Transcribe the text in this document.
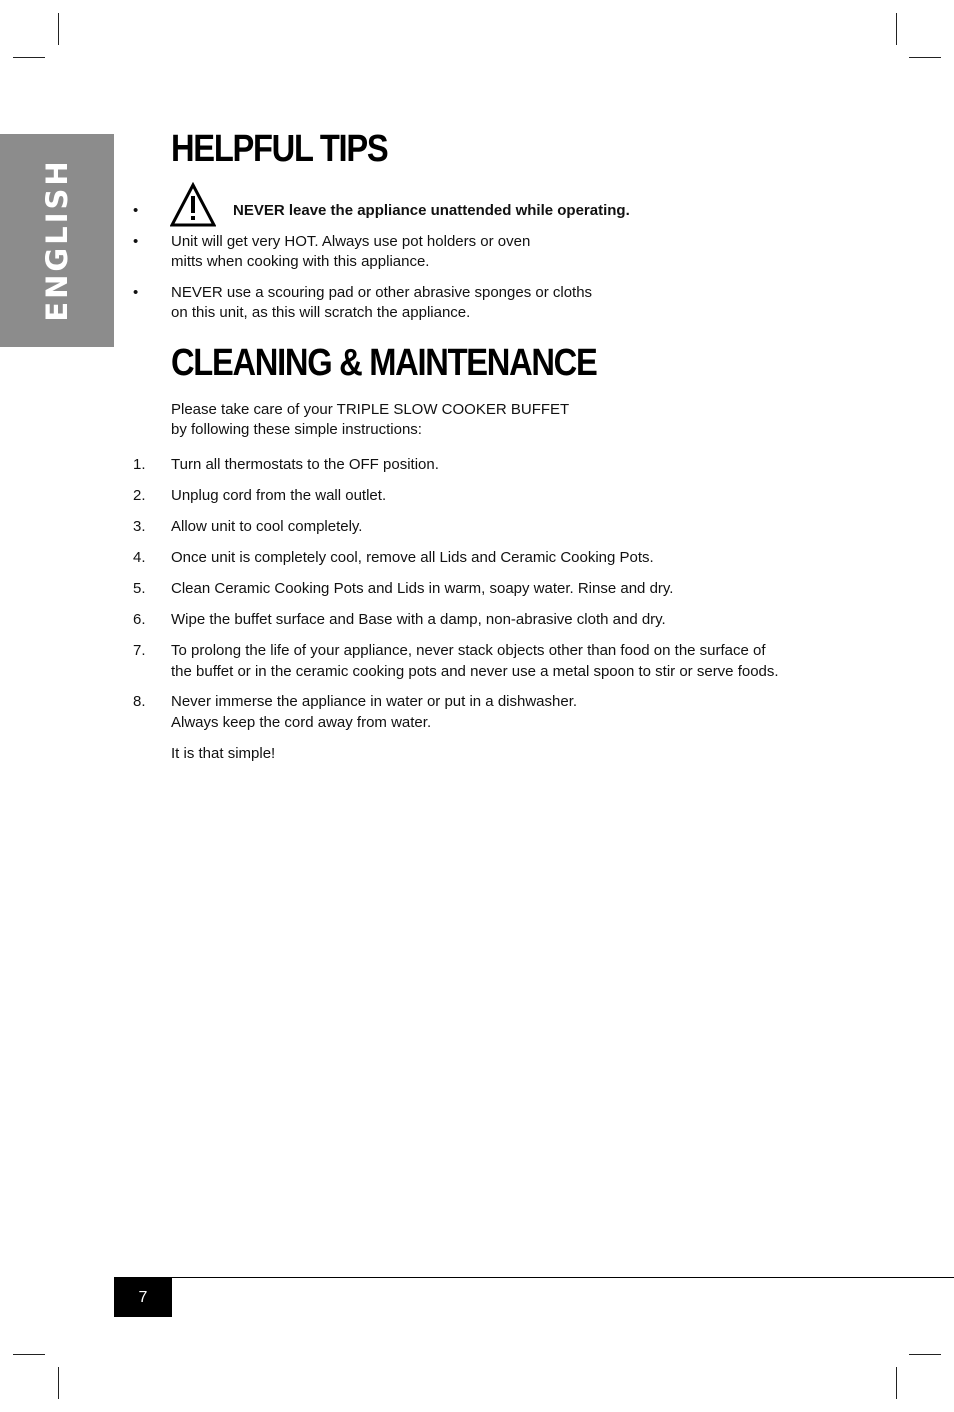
ENGLISH
HELPFUL TIPS
•	NEVER leave the appliance unattended while operating.
• Unit will get very HOT. Always use pot holders or oven
mitts when cooking with this appliance.
• NEVER use a scouring pad or other abrasive sponges or cloths
on this unit, as this will scratch the appliance.
CLEANING & MAINTENANCE
Please take care of your TRIPLE SLOW COOKER BUFFET
by following these simple instructions:
1. Turn all thermostats to the OFF position.
2. Unplug cord from the wall outlet.
3. Allow unit to cool completely.
4. Once unit is completely cool, remove all Lids and Ceramic Cooking Pots.
5. Clean Ceramic Cooking Pots and Lids in warm, soapy water. Rinse and dry.
6. Wipe the buffet surface and Base with a damp, non-abrasive cloth and dry.
7. To prolong the life of your appliance, never stack objects other than food on the surface of
the buffet or in the ceramic cooking pots and never use a metal spoon to stir or serve foods.
8. Never immerse the appliance in water or put in a dishwasher.
Always keep the cord away from water.
It is that simple!
7
